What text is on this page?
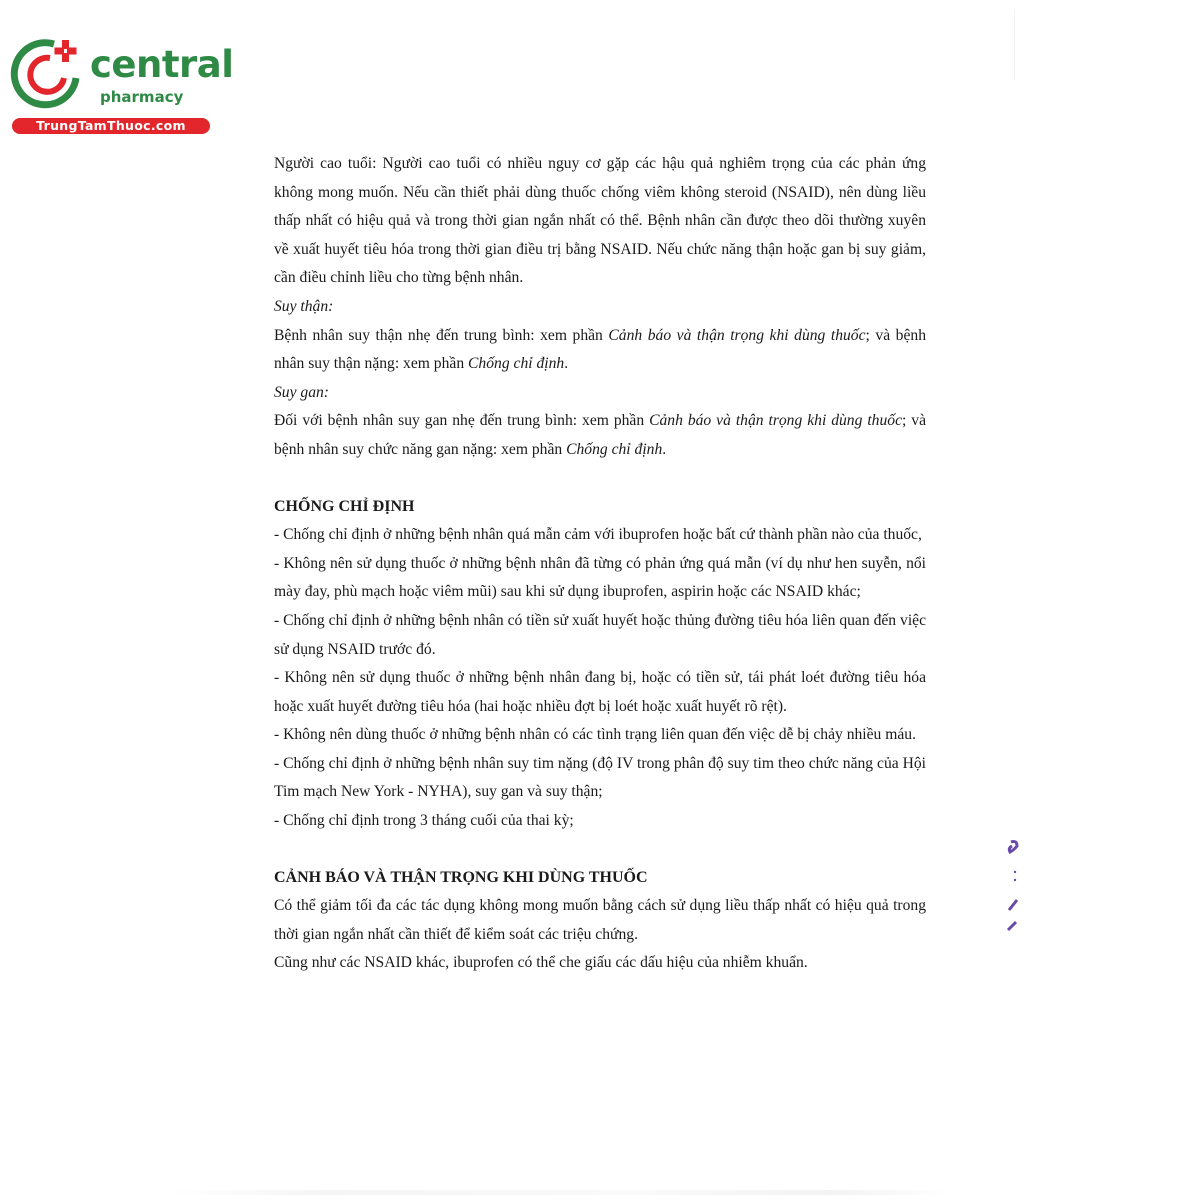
central
pharmacy
TrungTamThuoc.com

Người cao tuổi: Người cao tuổi có nhiều nguy cơ gặp các hậu quả nghiêm trọng của các phản ứng không mong muốn. Nếu cần thiết phải dùng thuốc chống viêm không steroid (NSAID), nên dùng liều thấp nhất có hiệu quả và trong thời gian ngắn nhất có thể. Bệnh nhân cần được theo dõi thường xuyên về xuất huyết tiêu hóa trong thời gian điều trị bằng NSAID. Nếu chức năng thận hoặc gan bị suy giảm, cần điều chỉnh liều cho từng bệnh nhân.

Suy thận:

Bệnh nhân suy thận nhẹ đến trung bình: xem phần Cảnh báo và thận trọng khi dùng thuốc; và bệnh nhân suy thận nặng: xem phần Chống chỉ định.

Suy gan:

Đối với bệnh nhân suy gan nhẹ đến trung bình: xem phần Cảnh báo và thận trọng khi dùng thuốc; và bệnh nhân suy chức năng gan nặng: xem phần Chống chỉ định.

CHỐNG CHỈ ĐỊNH

- Chống chỉ định ở những bệnh nhân quá mẫn cảm với ibuprofen hoặc bất cứ thành phần nào của thuốc,

- Không nên sử dụng thuốc ở những bệnh nhân đã từng có phản ứng quá mẫn (ví dụ như hen suyễn, nổi mày đay, phù mạch hoặc viêm mũi) sau khi sử dụng ibuprofen, aspirin hoặc các NSAID khác;

- Chống chỉ định ở những bệnh nhân có tiền sử xuất huyết hoặc thủng đường tiêu hóa liên quan đến việc sử dụng NSAID trước đó.

- Không nên sử dụng thuốc ở những bệnh nhân đang bị, hoặc có tiền sử, tái phát loét đường tiêu hóa hoặc xuất huyết đường tiêu hóa (hai hoặc nhiều đợt bị loét hoặc xuất huyết rõ rệt).

- Không nên dùng thuốc ở những bệnh nhân có các tình trạng liên quan đến việc dễ bị chảy nhiều máu.

- Chống chỉ định ở những bệnh nhân suy tim nặng (độ IV trong phân độ suy tim theo chức năng của Hội Tim mạch New York - NYHA), suy gan và suy thận;

- Chống chỉ định trong 3 tháng cuối của thai kỳ;

CẢNH BÁO VÀ THẬN TRỌNG KHI DÙNG THUỐC

Có thể giảm tối đa các tác dụng không mong muốn bằng cách sử dụng liều thấp nhất có hiệu quả trong thời gian ngắn nhất cần thiết để kiểm soát các triệu chứng.

Cũng như các NSAID khác, ibuprofen có thể che giấu các dấu hiệu của nhiễm khuẩn.
